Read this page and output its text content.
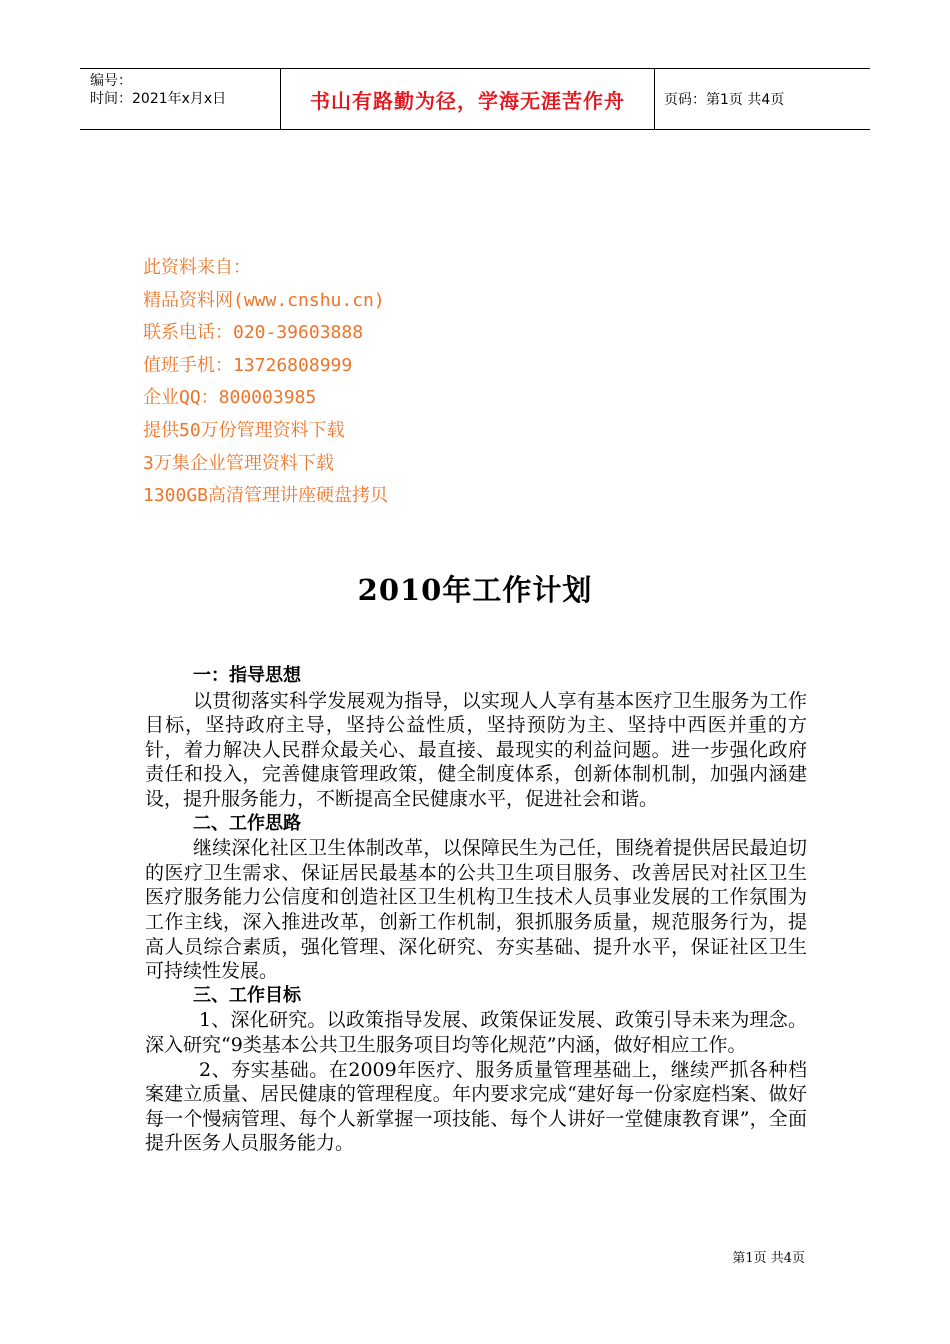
编号：
时间：2021年x月x日	书山有路勤为径，学海无涯苦作舟	页码：第1页 共4页
此资料来自：
精品资料网(www.cnshu.cn)
联系电话：020-39603888
值班手机：13726808999
企业QQ：800003985
提供50万份管理资料下载
3万集企业管理资料下载
1300GB高清管理讲座硬盘拷贝
2010年工作计划

一：指导思想

以贯彻落实科学发展观为指导，以实现人人享有基本医疗卫生服务为工作目标，坚持政府主导，坚持公益性质，坚持预防为主、坚持中西医并重的方针，着力解决人民群众最关心、最直接、最现实的利益问题。进一步强化政府责任和投入，完善健康管理政策，健全制度体系，创新体制机制，加强内涵建设，提升服务能力，不断提高全民健康水平，促进社会和谐。

二、工作思路

继续深化社区卫生体制改革，以保障民生为己任，围绕着提供居民最迫切的医疗卫生需求、保证居民最基本的公共卫生项目服务、改善居民对社区卫生医疗服务能力公信度和创造社区卫生机构卫生技术人员事业发展的工作氛围为工作主线，深入推进改革，创新工作机制，狠抓服务质量，规范服务行为，提高人员综合素质，强化管理、深化研究、夯实基础、提升水平，保证社区卫生可持续性发展。

三、工作目标

1、深化研究。以政策指导发展、政策保证发展、政策引导未来为理念。深入研究“9类基本公共卫生服务项目均等化规范”内涵，做好相应工作。

2、夯实基础。在2009年医疗、服务质量管理基础上，继续严抓各种档案建立质量、居民健康的管理程度。年内要求完成“建好每一份家庭档案、做好每一个慢病管理、每个人新掌握一项技能、每个人讲好一堂健康教育课”，全面提升医务人员服务能力。

第1页 共4页
